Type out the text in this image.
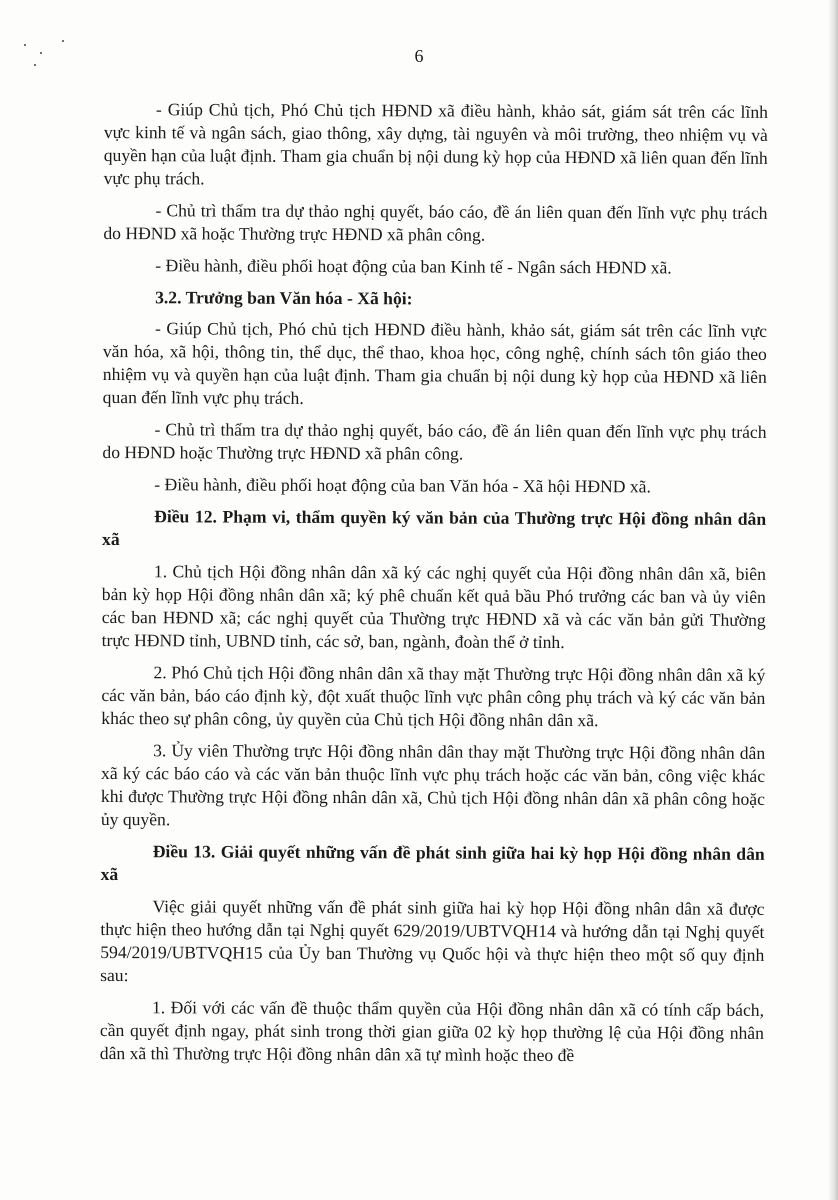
6

- Giúp Chủ tịch, Phó Chủ tịch HĐND xã điều hành, khảo sát, giám sát trên các lĩnh vực kinh tế và ngân sách, giao thông, xây dựng, tài nguyên và môi trường, theo nhiệm vụ và quyền hạn của luật định. Tham gia chuẩn bị nội dung kỳ họp của HĐND xã liên quan đến lĩnh vực phụ trách.

- Chủ trì thẩm tra dự thảo nghị quyết, báo cáo, đề án liên quan đến lĩnh vực phụ trách do HĐND xã hoặc Thường trực HĐND xã phân công.

- Điều hành, điều phối hoạt động của ban Kinh tế - Ngân sách HĐND xã.

3.2. Trưởng ban Văn hóa - Xã hội:

- Giúp Chủ tịch, Phó chủ tịch HĐND điều hành, khảo sát, giám sát trên các lĩnh vực văn hóa, xã hội, thông tin, thể dục, thể thao, khoa học, công nghệ, chính sách tôn giáo theo nhiệm vụ và quyền hạn của luật định. Tham gia chuẩn bị nội dung kỳ họp của HĐND xã liên quan đến lĩnh vực phụ trách.

- Chủ trì thẩm tra dự thảo nghị quyết, báo cáo, đề án liên quan đến lĩnh vực phụ trách do HĐND hoặc Thường trực HĐND xã phân công.

- Điều hành, điều phối hoạt động của ban Văn hóa - Xã hội HĐND xã.

Điều 12. Phạm vi, thẩm quyền ký văn bản của Thường trực Hội đồng nhân dân xã

1. Chủ tịch Hội đồng nhân dân xã ký các nghị quyết của Hội đồng nhân dân xã, biên bản kỳ họp Hội đồng nhân dân xã; ký phê chuẩn kết quả bầu Phó trưởng các ban và ủy viên các ban HĐND xã; các nghị quyết của Thường trực HĐND xã và các văn bản gửi Thường trực HĐND tỉnh, UBND tỉnh, các sở, ban, ngành, đoàn thể ở tỉnh.

2. Phó Chủ tịch Hội đồng nhân dân xã thay mặt Thường trực Hội đồng nhân dân xã ký các văn bản, báo cáo định kỳ, đột xuất thuộc lĩnh vực phân công phụ trách và ký các văn bản khác theo sự phân công, ủy quyền của Chủ tịch Hội đồng nhân dân xã.

3. Ủy viên Thường trực Hội đồng nhân dân thay mặt Thường trực Hội đồng nhân dân xã ký các báo cáo và các văn bản thuộc lĩnh vực phụ trách hoặc các văn bản, công việc khác khi được Thường trực Hội đồng nhân dân xã, Chủ tịch Hội đồng nhân dân xã phân công hoặc ủy quyền.

Điều 13. Giải quyết những vấn đề phát sinh giữa hai kỳ họp Hội đồng nhân dân xã

Việc giải quyết những vấn đề phát sinh giữa hai kỳ họp Hội đồng nhân dân xã được thực hiện theo hướng dẫn tại Nghị quyết 629/2019/UBTVQH14 và hướng dẫn tại Nghị quyết 594/2019/UBTVQH15 của Ủy ban Thường vụ Quốc hội và thực hiện theo một số quy định sau:

1. Đối với các vấn đề thuộc thẩm quyền của Hội đồng nhân dân xã có tính cấp bách, cần quyết định ngay, phát sinh trong thời gian giữa 02 kỳ họp thường lệ của Hội đồng nhân dân xã thì Thường trực Hội đồng nhân dân xã tự mình hoặc theo đề
